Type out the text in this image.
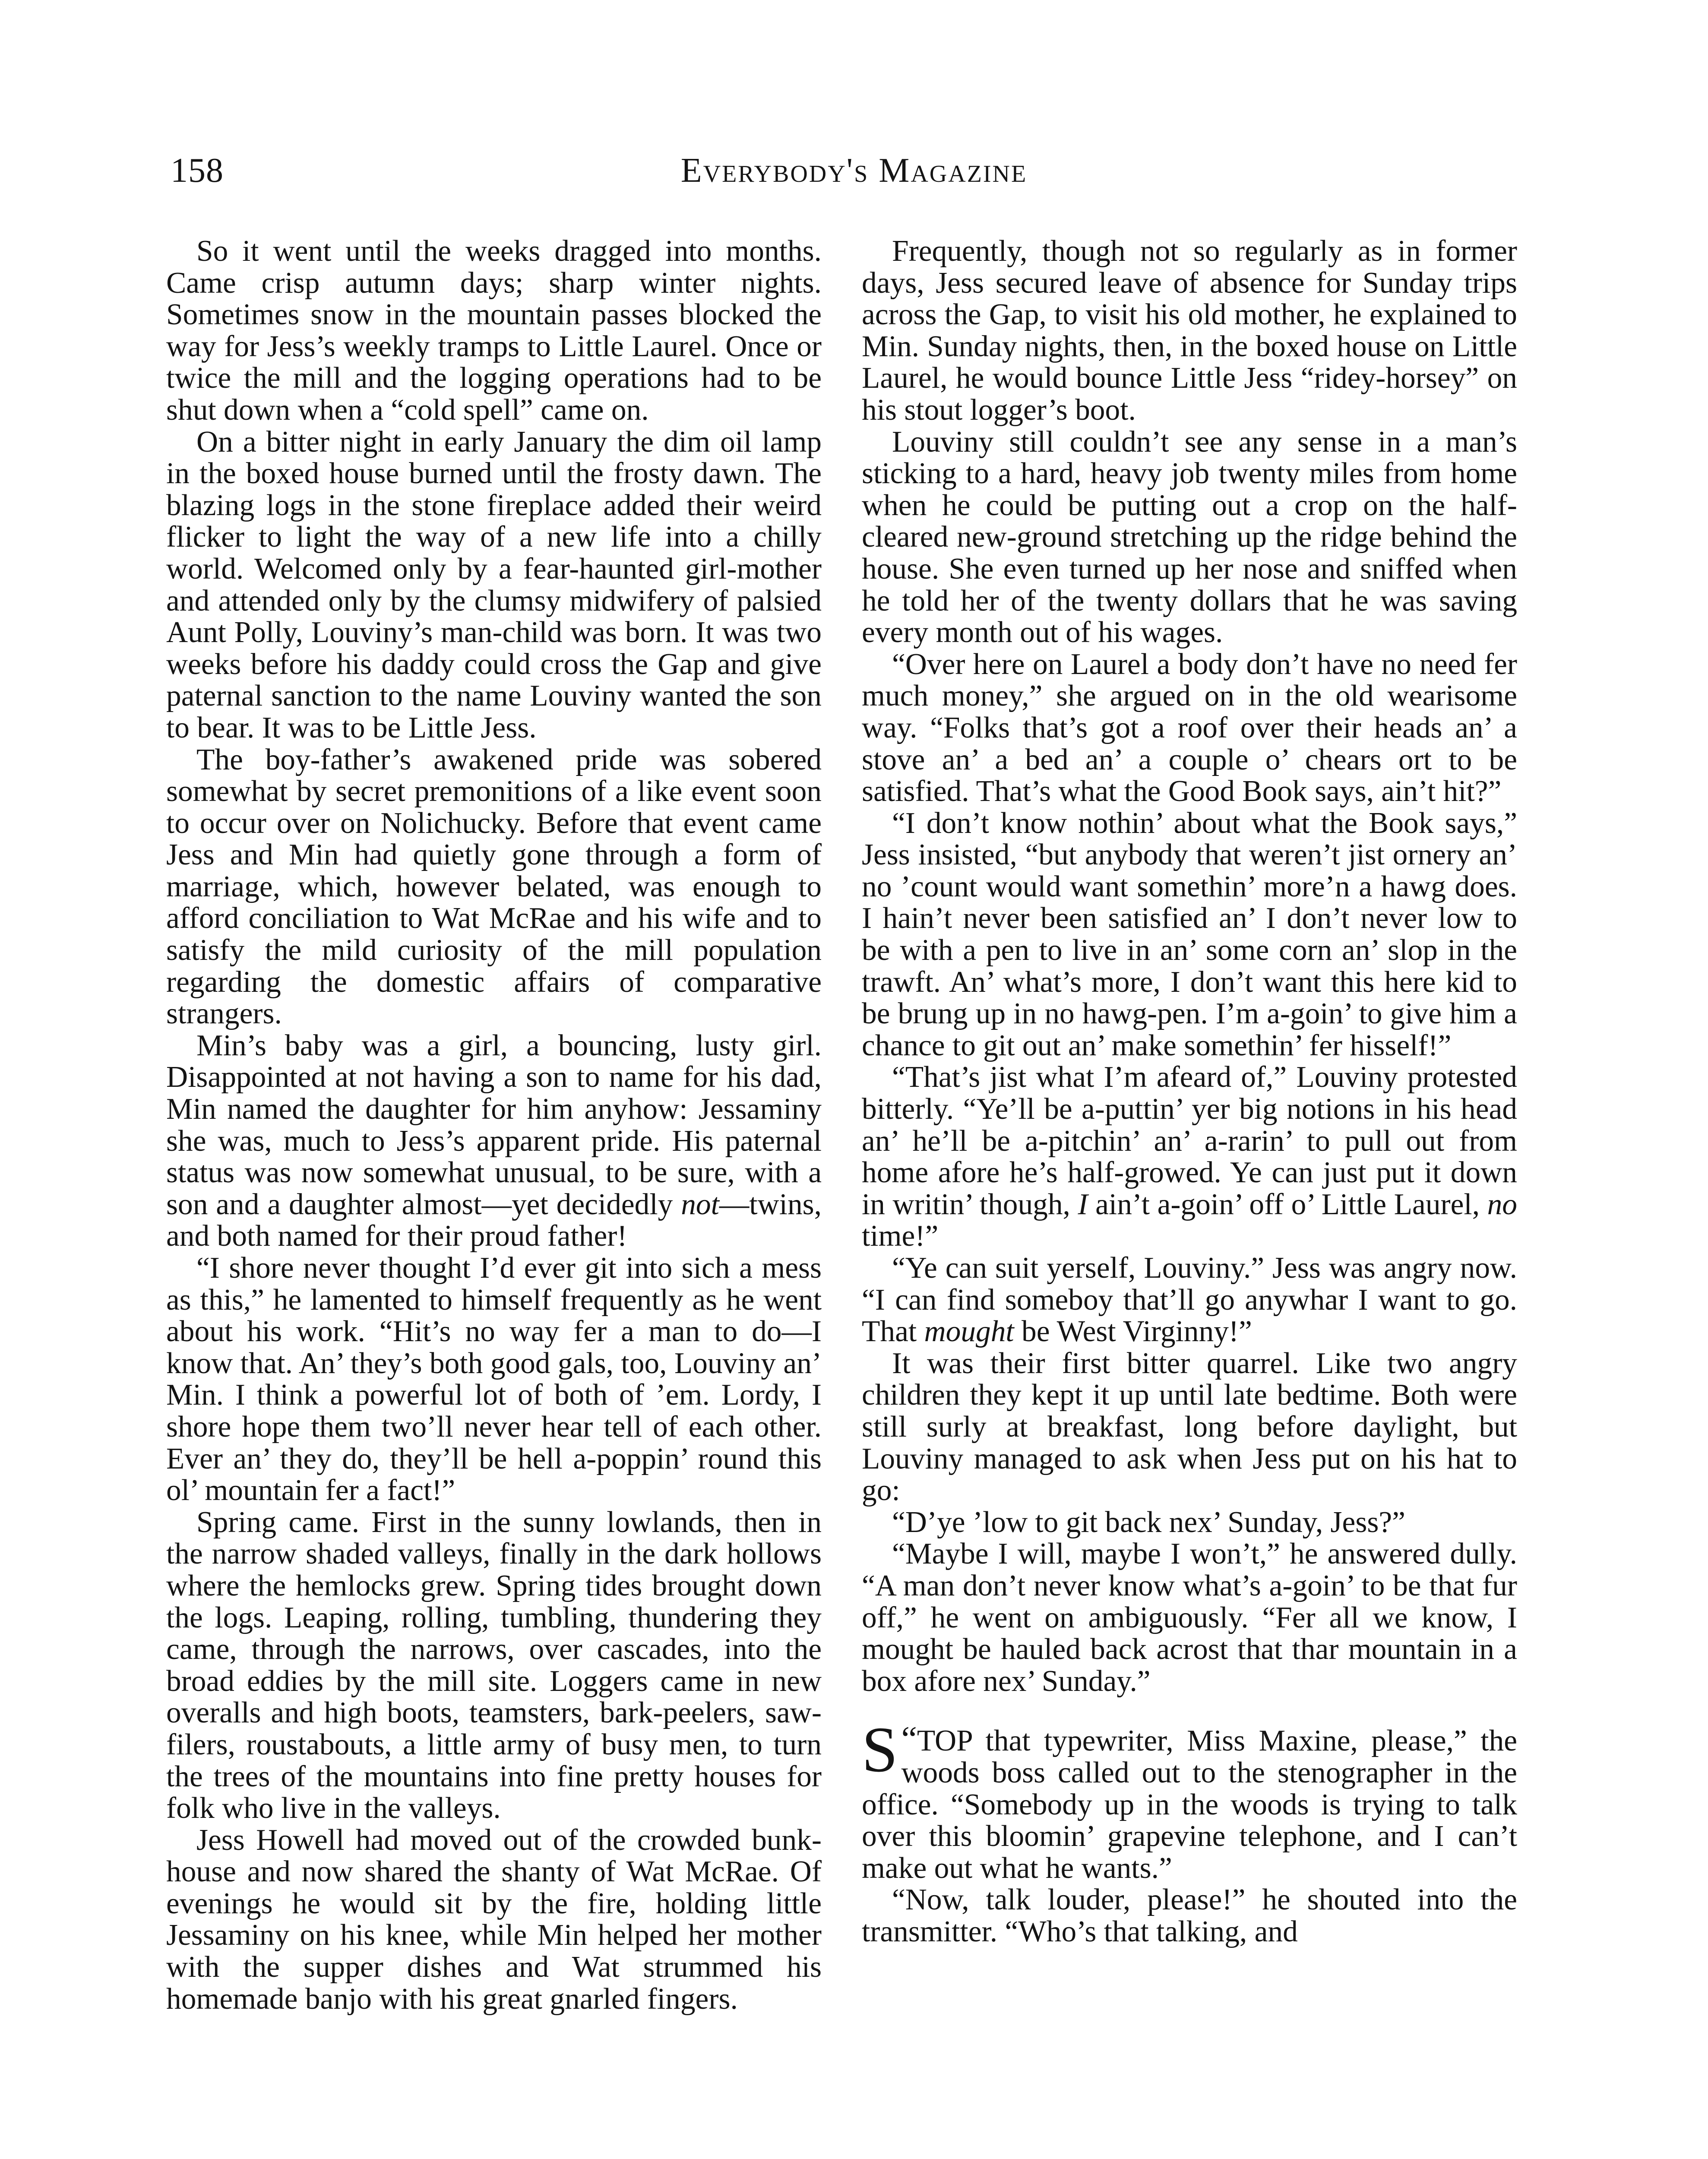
158	Everybody's Magazine

So it went until the weeks dragged into months. Came crisp autumn days; sharp winter nights. Sometimes snow in the mountain passes blocked the way for Jess’s weekly tramps to Little Laurel. Once or twice the mill and the logging operations had to be shut down when a “cold spell” came on.

On a bitter night in early January the dim oil lamp in the boxed house burned until the frosty dawn. The blazing logs in the stone fireplace added their weird flicker to light the way of a new life into a chilly world. Welcomed only by a fear-haunted girl-mother and attended only by the clumsy midwifery of palsied Aunt Polly, Louviny’s man-child was born. It was two weeks before his daddy could cross the Gap and give paternal sanction to the name Louviny wanted the son to bear. It was to be Little Jess.

The boy-father’s awakened pride was sobered somewhat by secret premonitions of a like event soon to occur over on Nolichucky. Before that event came Jess and Min had quietly gone through a form of marriage, which, however belated, was enough to afford conciliation to Wat McRae and his wife and to satisfy the mild curiosity of the mill population regarding the domestic affairs of comparative strangers.

Min’s baby was a girl, a bouncing, lusty girl. Disappointed at not having a son to name for his dad, Min named the daughter for him anyhow: Jessaminy she was, much to Jess’s apparent pride. His paternal status was now somewhat unusual, to be sure, with a son and a daughter almost—yet decidedly not—twins, and both named for their proud father!

“I shore never thought I’d ever git into sich a mess as this,” he lamented to himself frequently as he went about his work. “Hit’s no way fer a man to do—I know that. An’ they’s both good gals, too, Louviny an’ Min. I think a powerful lot of both of ’em. Lordy, I shore hope them two’ll never hear tell of each other. Ever an’ they do, they’ll be hell a-poppin’ round this ol’ mountain fer a fact!”

Spring came. First in the sunny lowlands, then in the narrow shaded valleys, finally in the dark hollows where the hemlocks grew. Spring tides brought down the logs. Leaping, rolling, tumbling, thundering they came, through the narrows, over cascades, into the broad eddies by the mill site. Loggers came in new overalls and high boots, teamsters, bark-peelers, saw-filers, roustabouts, a little army of busy men, to turn the trees of the mountains into fine pretty houses for folk who live in the valleys.

Jess Howell had moved out of the crowded bunk-house and now shared the shanty of Wat McRae. Of evenings he would sit by the fire, holding little Jessaminy on his knee, while Min helped her mother with the supper dishes and Wat strummed his homemade banjo with his great gnarled fingers.

Frequently, though not so regularly as in former days, Jess secured leave of absence for Sunday trips across the Gap, to visit his old mother, he explained to Min. Sunday nights, then, in the boxed house on Little Laurel, he would bounce Little Jess “ridey-horsey” on his stout logger’s boot.

Louviny still couldn’t see any sense in a man’s sticking to a hard, heavy job twenty miles from home when he could be putting out a crop on the half-cleared new-ground stretching up the ridge behind the house. She even turned up her nose and sniffed when he told her of the twenty dollars that he was saving every month out of his wages.

“Over here on Laurel a body don’t have no need fer much money,” she argued on in the old wearisome way. “Folks that’s got a roof over their heads an’ a stove an’ a bed an’ a couple o’ chears ort to be satisfied. That’s what the Good Book says, ain’t hit?”

“I don’t know nothin’ about what the Book says,” Jess insisted, “but anybody that weren’t jist ornery an’ no ’count would want somethin’ more’n a hawg does. I hain’t never been satisfied an’ I don’t never low to be with a pen to live in an’ some corn an’ slop in the trawft. An’ what’s more, I don’t want this here kid to be brung up in no hawg-pen. I’m a-goin’ to give him a chance to git out an’ make somethin’ fer hisself!”

“That’s jist what I’m afeard of,” Louviny protested bitterly. “Ye’ll be a-puttin’ yer big notions in his head an’ he’ll be a-pitchin’ an’ a-rarin’ to pull out from home afore he’s half-growed. Ye can just put it down in writin’ though, I ain’t a-goin’ off o’ Little Laurel, no time!”

“Ye can suit yerself, Louviny.” Jess was angry now. “I can find someboy that’ll go anywhar I want to go. That mought be West Virginny!”

It was their first bitter quarrel. Like two angry children they kept it up until late bedtime. Both were still surly at breakfast, long before daylight, but Louviny managed to ask when Jess put on his hat to go:

“D’ye ’low to git back nex’ Sunday, Jess?”

“Maybe I will, maybe I won’t,” he answered dully. “A man don’t never know what’s a-goin’ to be that fur off,” he went on ambiguously. “Fer all we know, I mought be hauled back acrost that thar mountain in a box afore nex’ Sunday.”

“
S TOP that typewriter, Miss Maxine, please,” the woods boss called out to the stenographer in the office. “Somebody up in the woods is trying to talk over this bloomin’ grapevine telephone, and I can’t make out what he wants.”

“Now, talk louder, please!” he shouted into the transmitter. “Who’s that talking, and
